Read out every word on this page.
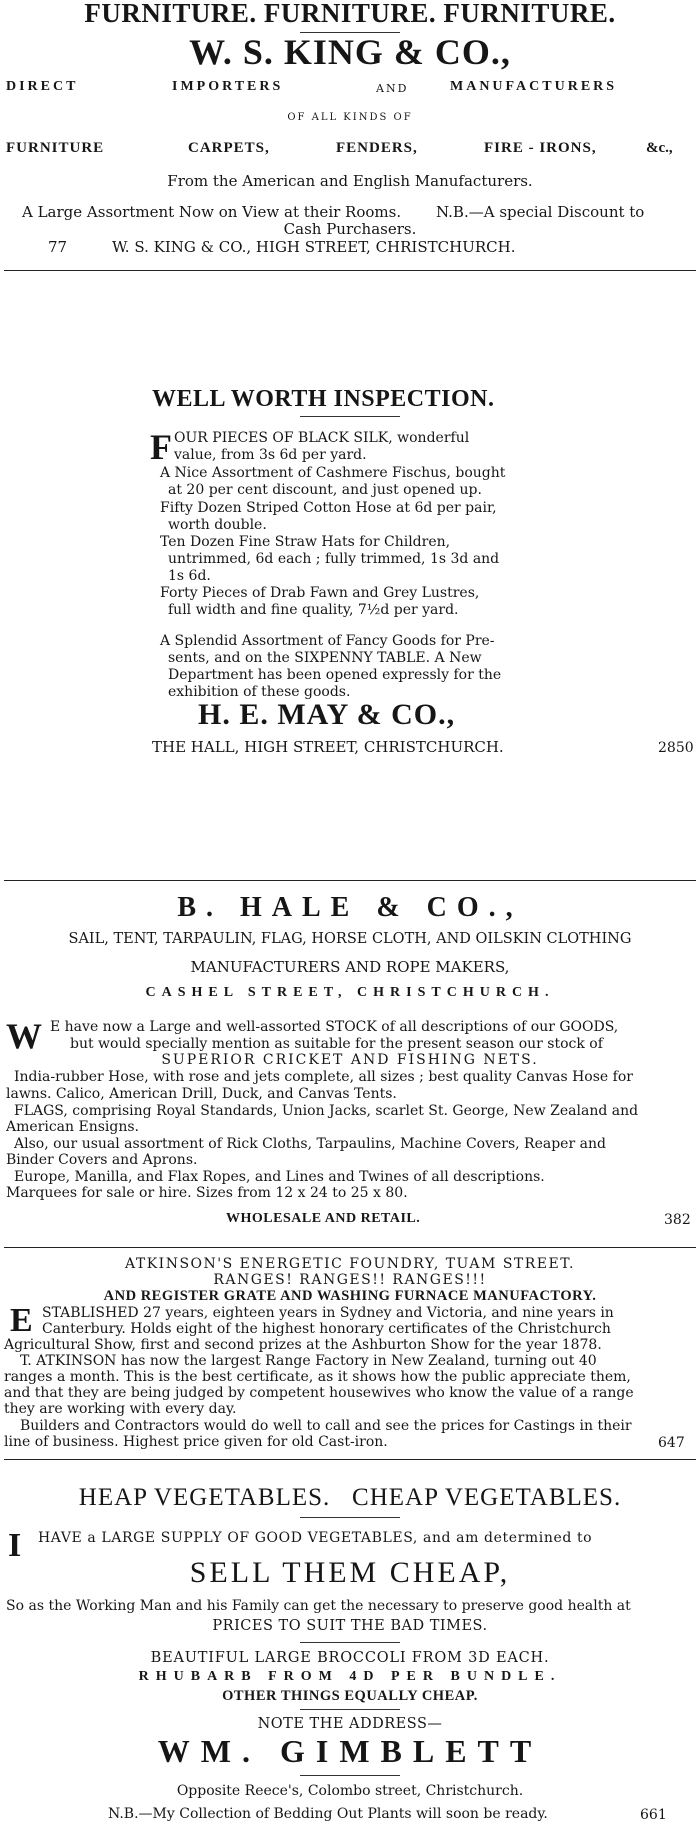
FURNITURE. FURNITURE. FURNITURE.
W. S. KING & CO.,
DIRECT	IMPORTERS	AND	MANUFACTURERS
OF ALL KINDS OF
FURNITURE	CARPETS,	FENDERS,	FIRE - IRONS,	&c.,
From the American and English Manufacturers.
A Large Assortment Now on View at their Rooms. N.B.—A special Discount to
Cash Purchasers.
77	W. S. KING & CO., HIGH STREET, CHRISTCHURCH.
WELL WORTH INSPECTION.
F OUR PIECES OF BLACK SILK, wonderful
value, from 3s 6d per yard.
A Nice Assortment of Cashmere Fischus, bought
at 20 per cent discount, and just opened up.
Fifty Dozen Striped Cotton Hose at 6d per pair,
worth double.
Ten Dozen Fine Straw Hats for Children,
untrimmed, 6d each ; fully trimmed, 1s 3d and
1s 6d.
Forty Pieces of Drab Fawn and Grey Lustres,
full width and fine quality, 7½d per yard.
A Splendid Assortment of Fancy Goods for Pre-
sents, and on the SIXPENNY TABLE. A New
Department has been opened expressly for the
exhibition of these goods.
H. E. MAY & CO.,
THE HALL, HIGH STREET, CHRISTCHURCH.	2850
B. HALE & CO.,
SAIL, TENT, TARPAULIN, FLAG, HORSE CLOTH, AND OILSKIN CLOTHING
MANUFACTURERS AND ROPE MAKERS,
CASHEL STREET, CHRISTCHURCH.
W E have now a Large and well-assorted STOCK of all descriptions of our GOODS,
but would specially mention as suitable for the present season our stock of
SUPERIOR CRICKET AND FISHING NETS.
India-rubber Hose, with rose and jets complete, all sizes ; best quality Canvas Hose for
lawns. Calico, American Drill, Duck, and Canvas Tents.
FLAGS, comprising Royal Standards, Union Jacks, scarlet St. George, New Zealand and
American Ensigns.
Also, our usual assortment of Rick Cloths, Tarpaulins, Machine Covers, Reaper and
Binder Covers and Aprons.
Europe, Manilla, and Flax Ropes, and Lines and Twines of all descriptions.
Marquees for sale or hire. Sizes from 12 x 24 to 25 x 80.
WHOLESALE AND RETAIL.	382
ATKINSON'S ENERGETIC FOUNDRY, TUAM STREET.
RANGES! RANGES!! RANGES!!!
AND REGISTER GRATE AND WASHING FURNACE MANUFACTORY.
E STABLISHED 27 years, eighteen years in Sydney and Victoria, and nine years in
Canterbury. Holds eight of the highest honorary certificates of the Christchurch
Agricultural Show, first and second prizes at the Ashburton Show for the year 1878.
T. ATKINSON has now the largest Range Factory in New Zealand, turning out 40
ranges a month. This is the best certificate, as it shows how the public appreciate them,
and that they are being judged by competent housewives who know the value of a range
they are working with every day.
Builders and Contractors would do well to call and see the prices for Castings in their
line of business. Highest price given for old Cast-iron.	647
HEAP VEGETABLES.   CHEAP VEGETABLES.
I HAVE a LARGE SUPPLY OF GOOD VEGETABLES, and am determined to
SELL THEM CHEAP,
So as the Working Man and his Family can get the necessary to preserve good health at
PRICES TO SUIT THE BAD TIMES.
BEAUTIFUL LARGE BROCCOLI FROM 3D EACH.
RHUBARB FROM 4D PER BUNDLE.
OTHER THINGS EQUALLY CHEAP.
NOTE THE ADDRESS—
WM. GIMBLETT
Opposite Reece's, Colombo street, Christchurch.
N.B.—My Collection of Bedding Out Plants will soon be ready.	661
